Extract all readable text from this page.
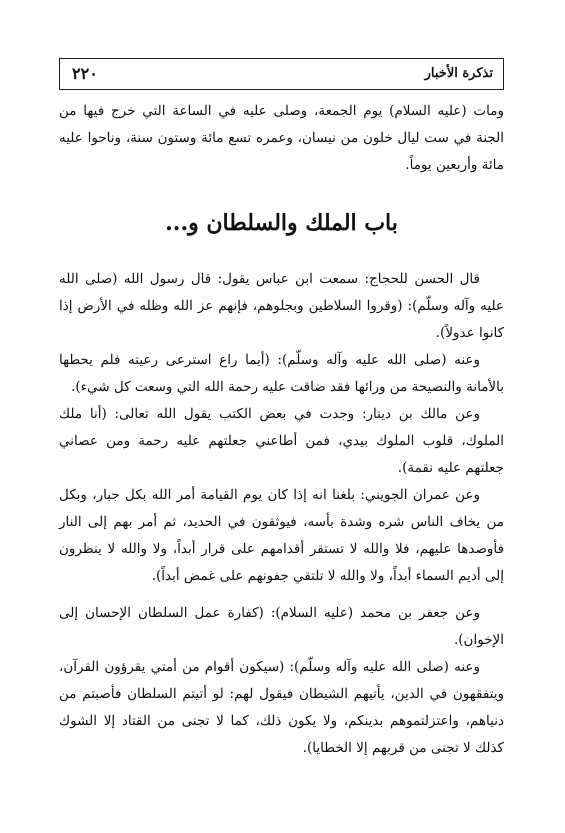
٢٢٠	تذكرة الأخبار

ومات (عليه السلام) يوم الجمعة، وصلى عليه في الساعة التي خرج فيها من الجنة في ست ليال خلون من نيسان، وعمره تسع مائة وستون سنة، وناحوا عليه مائة وأربعين يوماً.

باب الملك والسلطان و...

قال الحسن للحجاج: سمعت ابن عباس يقول: قال رسول الله (صلى الله عليه وآله وسلّم): (وقروا السلاطين وبجلوهم، فإنهم عز الله وظله في الأرض إذا كانوا عدولاً).

وعنه (صلى الله عليه وآله وسلّم): (أيما راع استرعى رعيته فلم يحطها بالأمانة والنصيحة من ورائها فقد ضاقت عليه رحمة الله التي وسعت كل شيء).

وعن مالك بن دينار: وجدت في بعض الكتب يقول الله تعالى: (أنا ملك الملوك، قلوب الملوك بيدي، فمن أطاعني جعلتهم عليه رحمة ومن عصاني جعلتهم عليه نقمة).

وعن عمران الجويني: بلغنا انه إذا كان يوم القيامة أمر الله بكل جبار، وبكل من يخاف الناس شره وشدة بأسه، فيوثقون في الحديد، ثم أمر بهم إلى النار فأوصدها عليهم، فلا والله لا تستقر أقدامهم على قرار أبداً، ولا والله لا ينظرون إلى أديم السماء أبداً، ولا والله لا تلتقي جفونهم على غمض أبداً).

وعن جعفر بن محمد (عليه السلام): (كفارة عمل السلطان الإحسان إلى الإخوان).

وعنه (صلى الله عليه وآله وسلّم): (سيكون أقوام من أمتي يقرؤون القرآن، ويتفقهون في الدين، يأتيهم الشيطان فيقول لهم: لو أتيتم السلطان فأصبتم من دنياهم، واعتزلتموهم بدينكم، ولا يكون ذلك، كما لا تجنى من القتاد إلا الشوك كذلك لا تجنى من قربهم إلا الخطايا).
